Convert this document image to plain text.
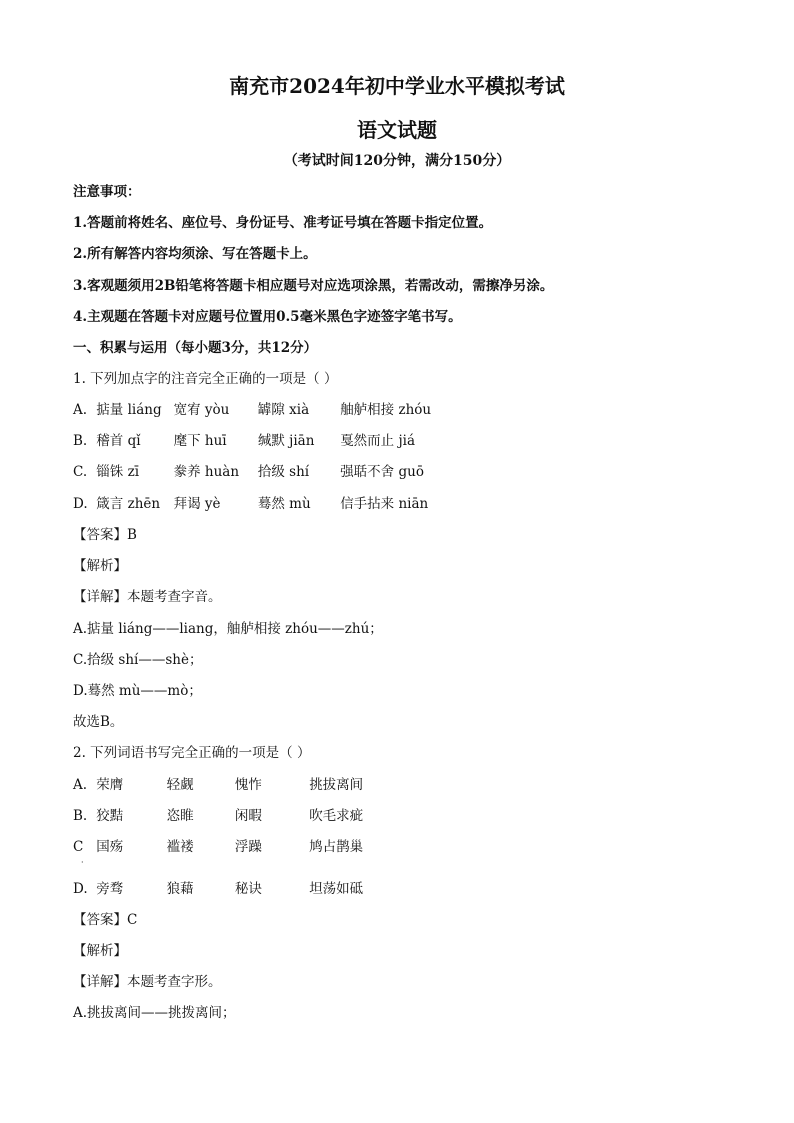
南充市2024年初中学业水平模拟考试
语文试题
（考试时间120分钟，满分150分）
注意事项：
1.答题前将姓名、座位号、身份证号、准考证号填在答题卡指定位置。
2.所有解答内容均须涂、写在答题卡上。
3.客观题须用2B铅笔将答题卡相应题号对应选项涂黑，若需改动，需擦净另涂。
4.主观题在答题卡对应题号位置用0.5毫米黑色字迹签字笔书写。
一、积累与运用（每小题3分，共12分）
1. 下列加点字的注音完全正确的一项是（ ）
A. 掂量 liáng 宽宥 yòu 罅隙 xià 舳舻相接 zhóu
B. 稽首 qǐ 麾下 huī 缄默 jiān 戛然而止 jiá
C. 锱铢 zī	豢养 huàn 拾级 shí 强聒不舍 guō
D. 箴言 zhēn 拜谒 yè	蓦然 mù 信手拈来 niān
【答案】B
【解析】
【详解】本题考查字音。
A.掂量 liáng——liang，舳舻相接 zhóu——zhú；
C.拾级 shí——shè；
D.蓦然 mù——mò；
故选B。
2. 下列词语书写完全正确的一项是（ ）
A. 荣膺	轻觑	愧怍	挑拔离间
B. 狡黠	恣睢	闲暇	吹毛求疵
C 国殇	褴褛	浮躁	鸠占鹊巢
·
D. 旁骛	狼藉	秘诀	坦荡如砥
【答案】C
【解析】
【详解】本题考查字形。
A.挑拔离间——挑拨离间；
